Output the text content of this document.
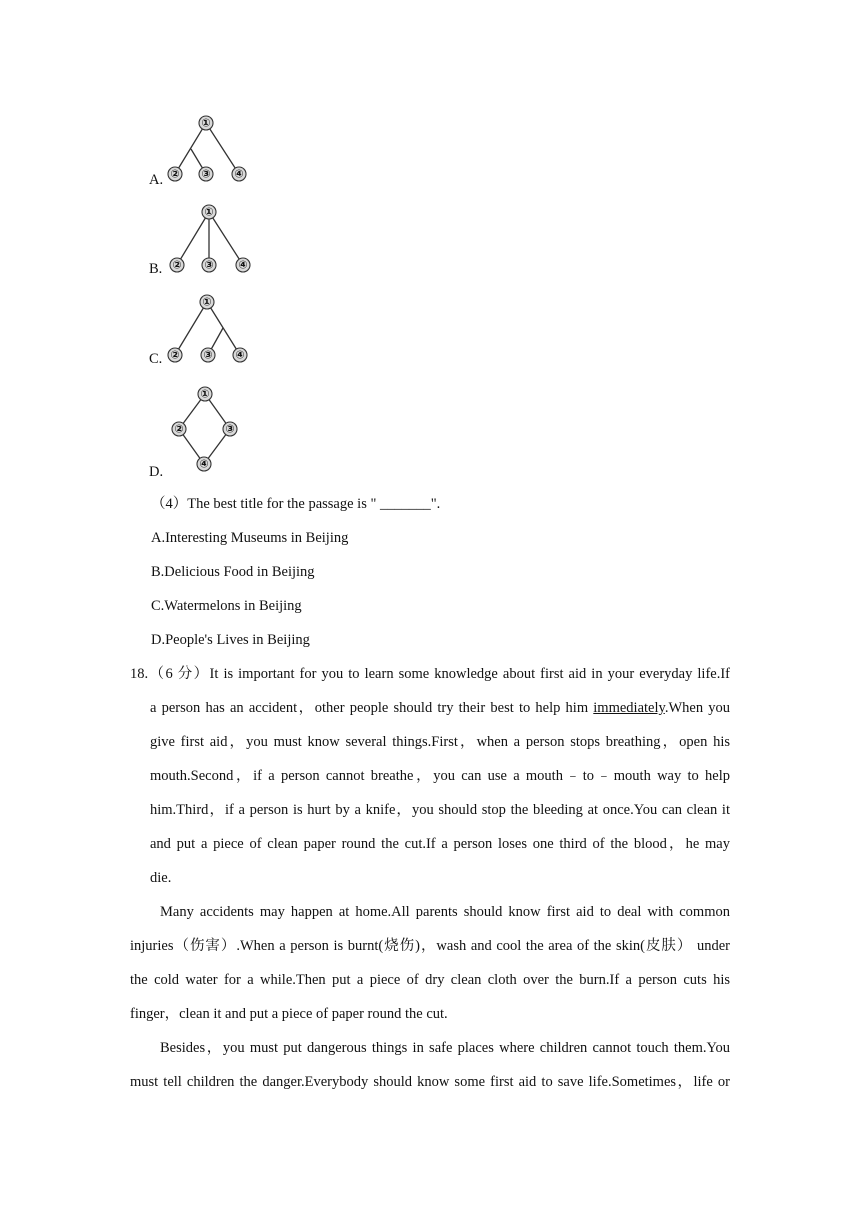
A.
①
② ③ ④
B.
①
② ③ ④
C.
①
② ③ ④
D.
①
②	③
④
（4）The best title for the passage is " _______".
A.Interesting Museums in Beijing
B.Delicious Food in Beijing
C.Watermelons in Beijing
D.People's Lives in Beijing
18.（6 分）It is important for you to learn some knowledge about first aid in your everyday life.If
a person has an accident，other people should try their best to help him immediately.When you
give first aid，you must know several things.First，when a person stops breathing，open his
mouth.Second，if a person cannot breathe，you can use a mouth﹣to﹣mouth way to help
him.Third，if a person is hurt by a knife，you should stop the bleeding at once.You can clean it
and put a piece of clean paper round the cut.If a person loses one third of the blood，he may
die.
Many accidents may happen at home.All parents should know first aid to deal with common
injuries（伤害）.When a person is burnt(烧伤)，wash and cool the area of the skin(皮肤） under
the cold water for a while.Then put a piece of dry clean cloth over the burn.If a person cuts his
finger，clean it and put a piece of paper round the cut.
Besides，you must put dangerous things in safe places where children cannot touch them.You
must tell children the danger.Everybody should know some first aid to save life.Sometimes，life or
